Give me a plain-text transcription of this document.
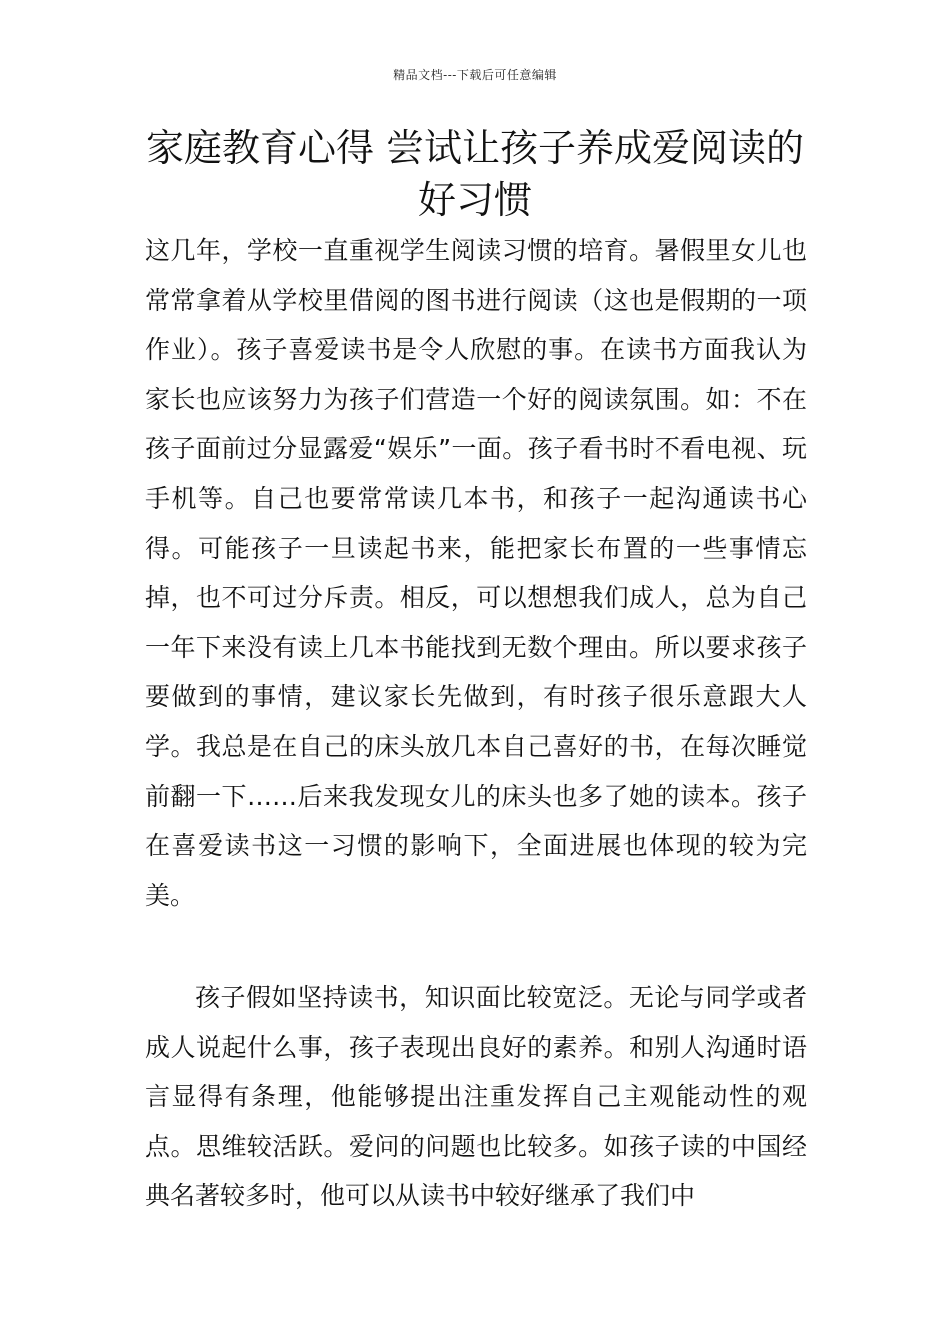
精品文档---下载后可任意编辑
家庭教育心得 尝试让孩子养成爱阅读的好习惯

这几年，学校一直重视学生阅读习惯的培育。暑假里女儿也常常拿着从学校里借阅的图书进行阅读（这也是假期的一项作业）。孩子喜爱读书是令人欣慰的事。在读书方面我认为家长也应该努力为孩子们营造一个好的阅读氛围。如：不在孩子面前过分显露爱“娱乐”一面。孩子看书时不看电视、玩手机等。自己也要常常读几本书，和孩子一起沟通读书心得。可能孩子一旦读起书来，能把家长布置的一些事情忘掉，也不可过分斥责。相反，可以想想我们成人，总为自己一年下来没有读上几本书能找到无数个理由。所以要求孩子要做到的事情，建议家长先做到，有时孩子很乐意跟大人学。我总是在自己的床头放几本自己喜好的书，在每次睡觉前翻一下……后来我发现女儿的床头也多了她的读本。孩子在喜爱读书这一习惯的影响下，全面进展也体现的较为完美。

孩子假如坚持读书，知识面比较宽泛。无论与同学或者成人说起什么事，孩子表现出良好的素养。和别人沟通时语言显得有条理，他能够提出注重发挥自己主观能动性的观点。思维较活跃。爱问的问题也比较多。如孩子读的中国经典名著较多时，他可以从读书中较好继承了我们中
